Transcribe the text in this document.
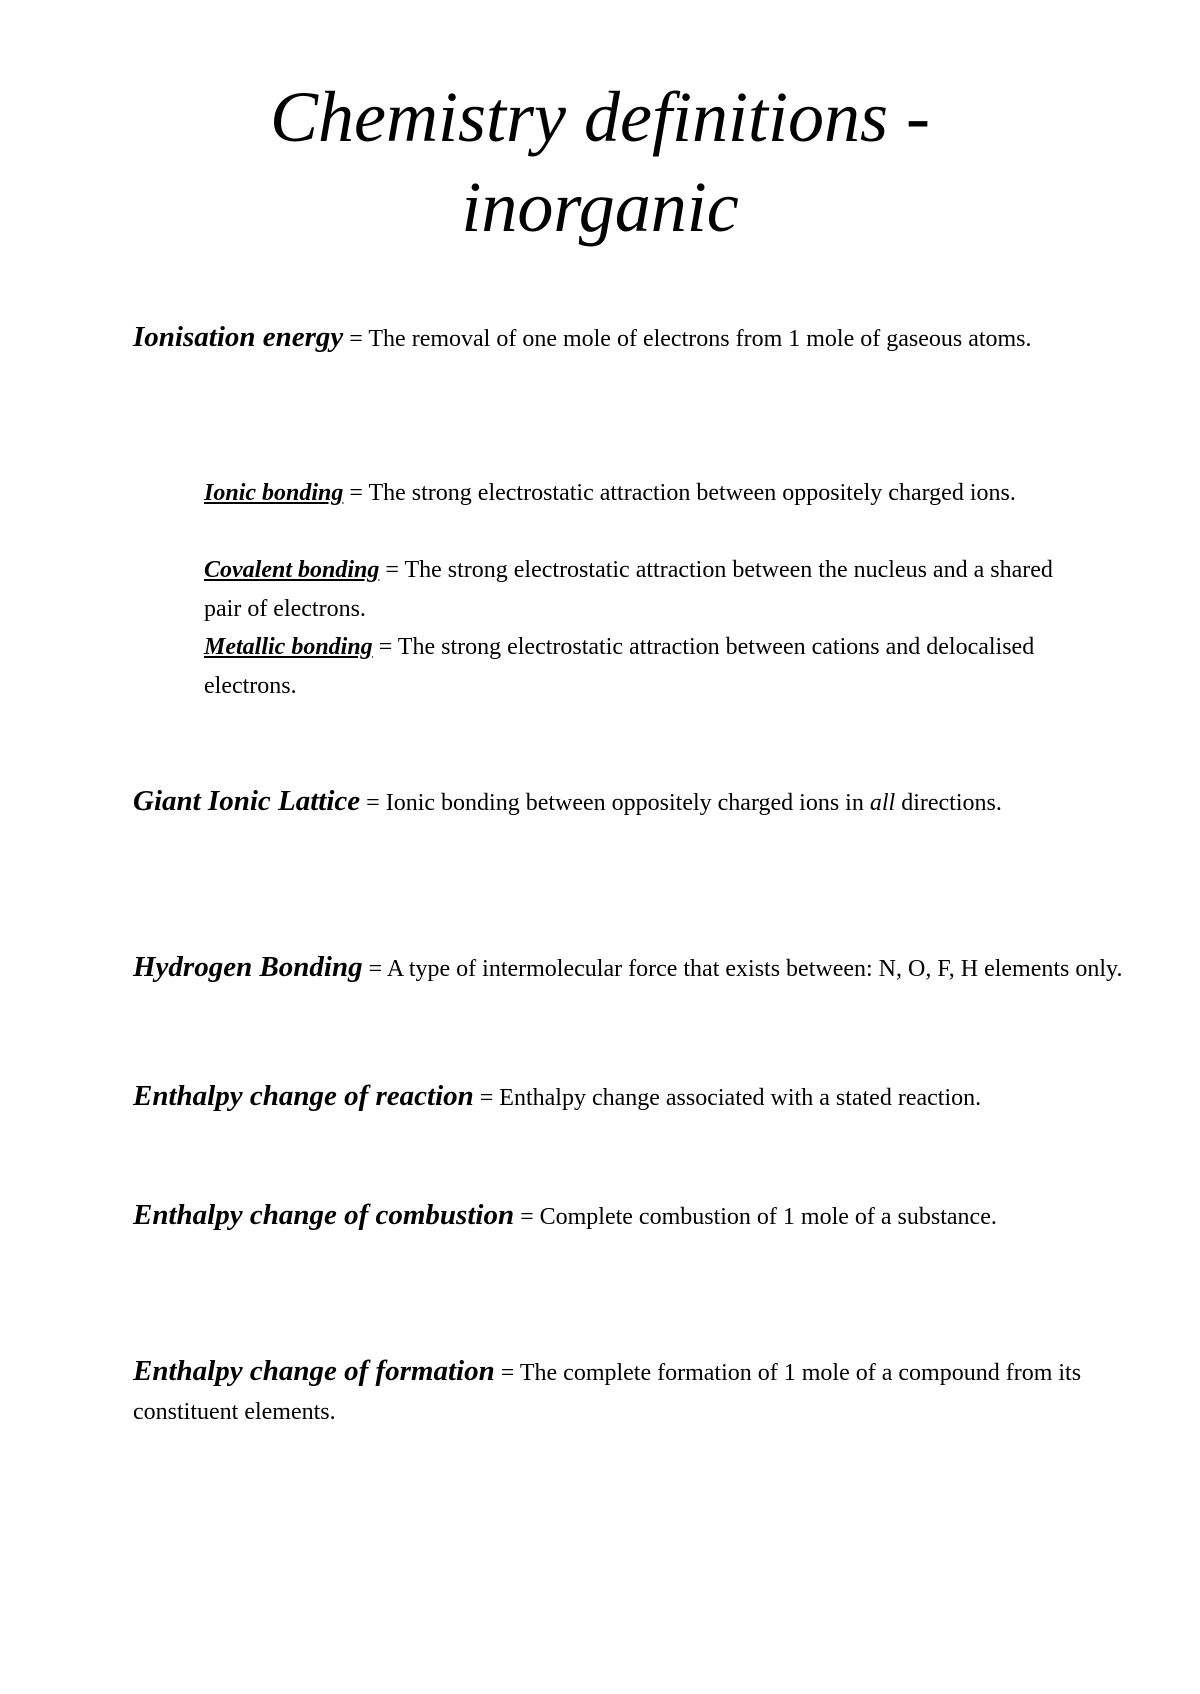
Chemistry definitions -
inorganic

Ionisation energy = The removal of one mole of electrons from 1 mole of gaseous atoms.

Ionic bonding = The strong electrostatic attraction between oppositely charged ions.

Covalent bonding = The strong electrostatic attraction between the nucleus and a shared pair of electrons.

Metallic bonding = The strong electrostatic attraction between cations and delocalised electrons.

Giant Ionic Lattice = Ionic bonding between oppositely charged ions in all directions.

Hydrogen Bonding = A type of intermolecular force that exists between: N, O, F, H elements only.

Enthalpy change of reaction = Enthalpy change associated with a stated reaction.

Enthalpy change of combustion = Complete combustion of 1 mole of a substance.

Enthalpy change of formation = The complete formation of 1 mole of a compound from its constituent elements.
